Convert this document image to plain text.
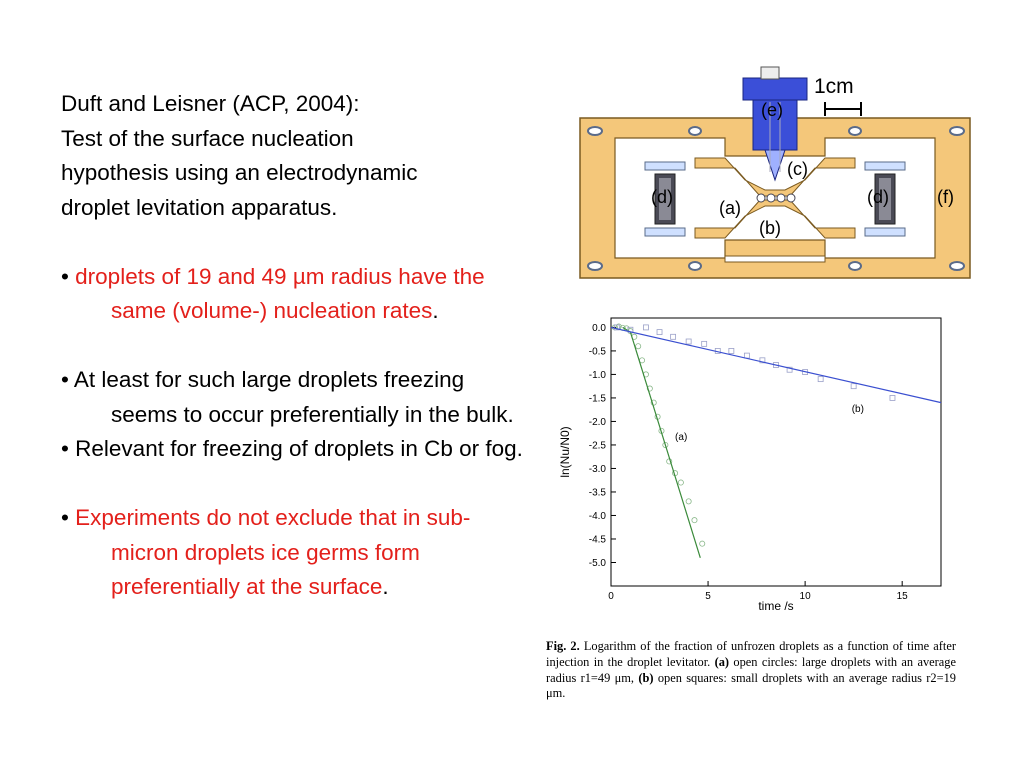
Duft and Leisner (ACP, 2004):

Test of the surface nucleation

hypothesis using an electrodynamic

droplet levitation apparatus.

• droplets of 19 and 49 µm radius have the same (volume-) nucleation rates.

• At least for such large droplets freezing seems to occur preferentially in the bulk.

• Relevant for freezing of droplets in Cb or fog.

• Experiments do not exclude that in sub-micron droplets ice germs form preferentially at the surface.

1cm
(e)
(c)
(a)
(b)
(d)	(d)	(f)
0	5	10	15
0.0
-0.5
-1.0
-1.5
-2.0
-2.5
-3.0
-3.5
-4.0
-4.5
-5.0
(a)
(b)
time /s
ln(Nu/N0)
Fig. 2. Logarithm of the fraction of unfrozen droplets as a function of time after injection in the droplet levitator. (a) open circles: large droplets with an average radius r1=49 μm, (b) open squares: small droplets with an average radius r2=19 μm.
